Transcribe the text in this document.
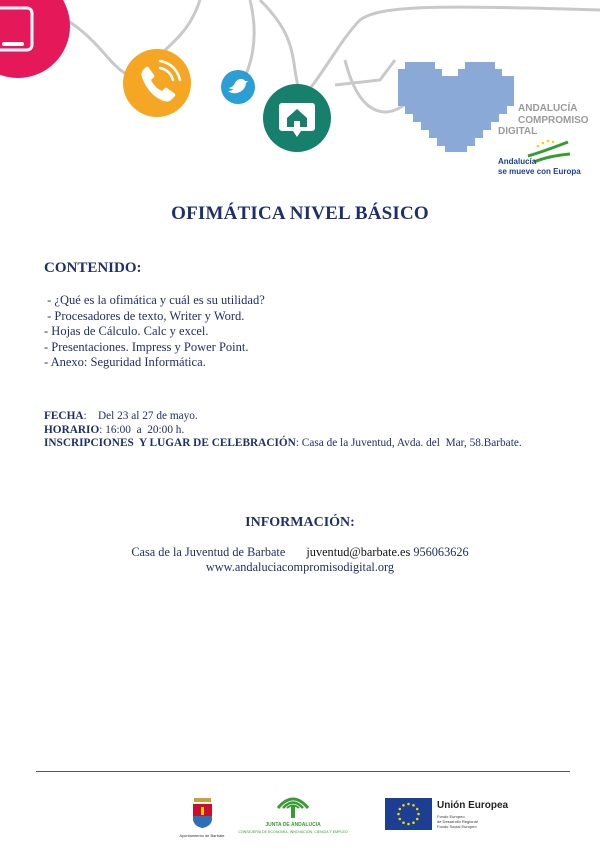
ANDALUCÍA
COMPROMISO
DIGITAL
Andalucía
se mueve con Europa
OFIMÁTICA NIVEL BÁSICO
CONTENIDO:
- ¿Qué es la ofimática y cuál es su utilidad?
- Procesadores de texto, Writer y Word.
- Hojas de Cálculo. Calc y excel.
- Presentaciones. Impress y Power Point.
- Anexo: Seguridad Informática.
FECHA:    Del 23 al 27 de mayo.
HORARIO: 16:00  a  20:00 h.
INSCRIPCIONES  Y LUGAR DE CELEBRACIÓN: Casa de la Juventud, Avda. del  Mar, 58.Barbate.
INFORMACIÓN:
Casa de la Juventud de Barbate juventud@barbate.es 956063626
www.andaluciacompromisodigital.org
Ayuntamiento de Barbate
JUNTA DE ANDALUCIA
CONSEJERÍA DE ECONOMÍA, INNOVACIÓN, CIENCIA Y EMPLEO
Unión Europea
Fondo Europeo
de Desarrollo Regional
Fondo Social Europeo
